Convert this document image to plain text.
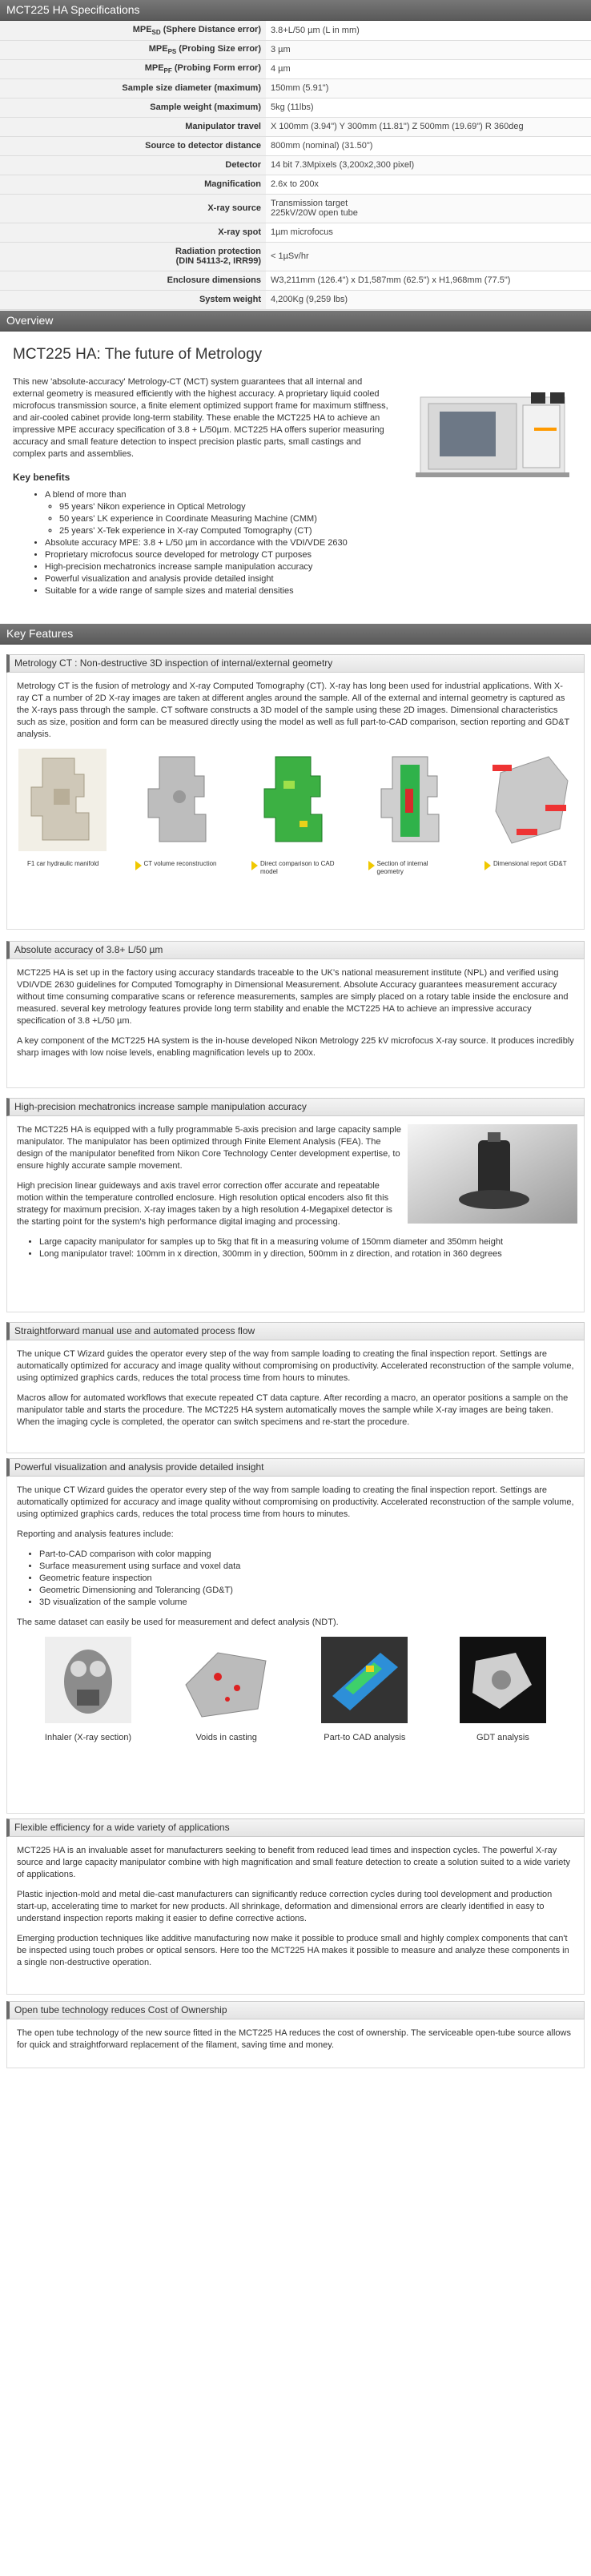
MCT225 HA Specifications
$MPE_{SD}$ (Sphere Distance error)	3.8+L/50 µm (L in mm)
$MPE_{PS}$ (Probing Size error)	3 µm
$MPE_{PF}$ (Probing Form error)	4 µm
Sample size diameter (maximum)	150mm (5.91")
Sample weight (maximum)	5kg (11lbs)
Manipulator travel	X 100mm (3.94") Y 300mm (11.81") Z 500mm (19.69") R 360deg
Source to detector distance	800mm (nominal) (31.50")
Detector	14 bit 7.3Mpixels (3,200x2,300 pixel)
Magnification	2.6x to 200x
X-ray source	Transmission target
225kV/20W open tube
X-ray spot	1µm microfocus
Radiation protection
(DIN 54113-2, IRR99)	< 1µSv/hr
Enclosure dimensions	W3,211mm (126.4") x D1,587mm (62.5") x H1,968mm (77.5")
System weight	4,200Kg (9,259 lbs)
Overview
MCT225 HA: The future of Metrology
This new 'absolute-accuracy' Metrology-CT (MCT) system guarantees that all internal and external geometry is measured efficiently with the highest accuracy. A proprietary liquid cooled microfocus transmission source, a finite element optimized support frame for maximum stiffness, and air-cooled cabinet provide long-term stability. These enable the MCT225 HA to achieve an impressive MPE accuracy specification of 3.8 + L/50µm. MCT225 HA offers superior measuring accuracy and small feature detection to inspect precision plastic parts, small castings and complex parts and assemblies.
Key benefits
• A blend of more than
◦ 95 years' Nikon experience in Optical Metrology
◦ 50 years' LK experience in Coordinate Measuring Machine (CMM)
◦ 25 years' X-Tek experience in X-ray Computed Tomography (CT)
• Absolute accuracy MPE: 3.8 + L/50 µm in accordance with the VDI/VDE 2630
• Proprietary microfocus source developed for metrology CT purposes
• High-precision mechatronics increase sample manipulation accuracy
• Powerful visualization and analysis provide detailed insight
• Suitable for a wide range of sample sizes and material densities
Key Features
Metrology CT : Non-destructive 3D inspection of internal/external geometry

Metrology CT is the fusion of metrology and X-ray Computed Tomography (CT). X-ray has long been used for industrial applications. With X-ray CT a number of 2D X-ray images are taken at different angles around the sample. All of the external and internal geometry is captured as the X-rays pass through the sample. CT software constructs a 3D model of the sample using these 2D images. Dimensional characteristics such as size, position and form can be measured directly using the model as well as full part-to-CAD comparison, section reporting and GD&T analysis.

F1 car hydraulic manifold	CT volume reconstruction	Direct comparison to CAD model
Section of internal geometry
Dimensional report GD&T
Absolute accuracy of 3.8+ L/50 µm

MCT225 HA is set up in the factory using accuracy standards traceable to the UK's national measurement institute (NPL) and verified using VDI/VDE 2630 guidelines for Computed Tomography in Dimensional Measurement. Absolute Accuracy guarantees measurement accuracy without time consuming comparative scans or reference measurements, samples are simply placed on a rotary table inside the enclosure and measured. several key metrology features provide long term stability and enable the MCT225 HA to achieve an impressive accuracy specification of 3.8 +L/50 µm.

A key component of the MCT225 HA system is the in-house developed Nikon Metrology 225 kV microfocus X-ray source. It produces incredibly sharp images with low noise levels, enabling magnification levels up to 200x.

High-precision mechatronics increase sample manipulation accuracy

The MCT225 HA is equipped with a fully programmable 5-axis precision and large capacity sample manipulator. The manipulator has been optimized through Finite Element Analysis (FEA). The design of the manipulator benefited from Nikon Core Technology Center development expertise, to ensure highly accurate sample movement.

High precision linear guideways and axis travel error correction offer accurate and repeatable motion within the temperature controlled enclosure. High resolution optical encoders also fit this strategy for maximum precision. X-ray images taken by a high resolution 4-Megapixel detector is the starting point for the system's high performance digital imaging and processing.

• Large capacity manipulator for samples up to 5kg that fit in a measuring volume of 150mm diameter and 350mm height
• Long manipulator travel: 100mm in x direction, 300mm in y direction, 500mm in z direction, and rotation in 360 degrees
Straightforward manual use and automated process flow

The unique CT Wizard guides the operator every step of the way from sample loading to creating the final inspection report. Settings are automatically optimized for accuracy and image quality without compromising on productivity. Accelerated reconstruction of the sample volume, using optimized graphics cards, reduces the total process time from hours to minutes.

Macros allow for automated workflows that execute repeated CT data capture. After recording a macro, an operator positions a sample on the manipulator table and starts the procedure. The MCT225 HA system automatically moves the sample while X-ray images are being taken. When the imaging cycle is completed, the operator can switch specimens and re-start the procedure.

Powerful visualization and analysis provide detailed insight

The unique CT Wizard guides the operator every step of the way from sample loading to creating the final inspection report. Settings are automatically optimized for accuracy and image quality without compromising on productivity. Accelerated reconstruction of the sample volume, using optimized graphics cards, reduces the total process time from hours to minutes.

Reporting and analysis features include:

• Part-to-CAD comparison with color mapping
• Surface measurement using surface and voxel data
• Geometric feature inspection
• Geometric Dimensioning and Tolerancing (GD&T)
• 3D visualization of the sample volume

The same dataset can easily be used for measurement and defect analysis (NDT).

Inhaler (X-ray section)	Voids in casting	Part-to CAD analysis	GDT analysis
Flexible efficiency for a wide variety of applications

MCT225 HA is an invaluable asset for manufacturers seeking to benefit from reduced lead times and inspection cycles. The powerful X-ray source and large capacity manipulator combine with high magnification and small feature detection to create a solution suited to a wide variety of applications.

Plastic injection-mold and metal die-cast manufacturers can significantly reduce correction cycles during tool development and production start-up, accelerating time to market for new products. All shrinkage, deformation and dimensional errors are clearly identified in easy to understand inspection reports making it easier to define corrective actions.

Emerging production techniques like additive manufacturing now make it possible to produce small and highly complex components that can't be inspected using touch probes or optical sensors. Here too the MCT225 HA makes it possible to measure and analyze these components in a single non-destructive operation.

Open tube technology reduces Cost of Ownership

The open tube technology of the new source fitted in the MCT225 HA reduces the cost of ownership. The serviceable open-tube source allows for quick and straightforward replacement of the filament, saving time and money.
